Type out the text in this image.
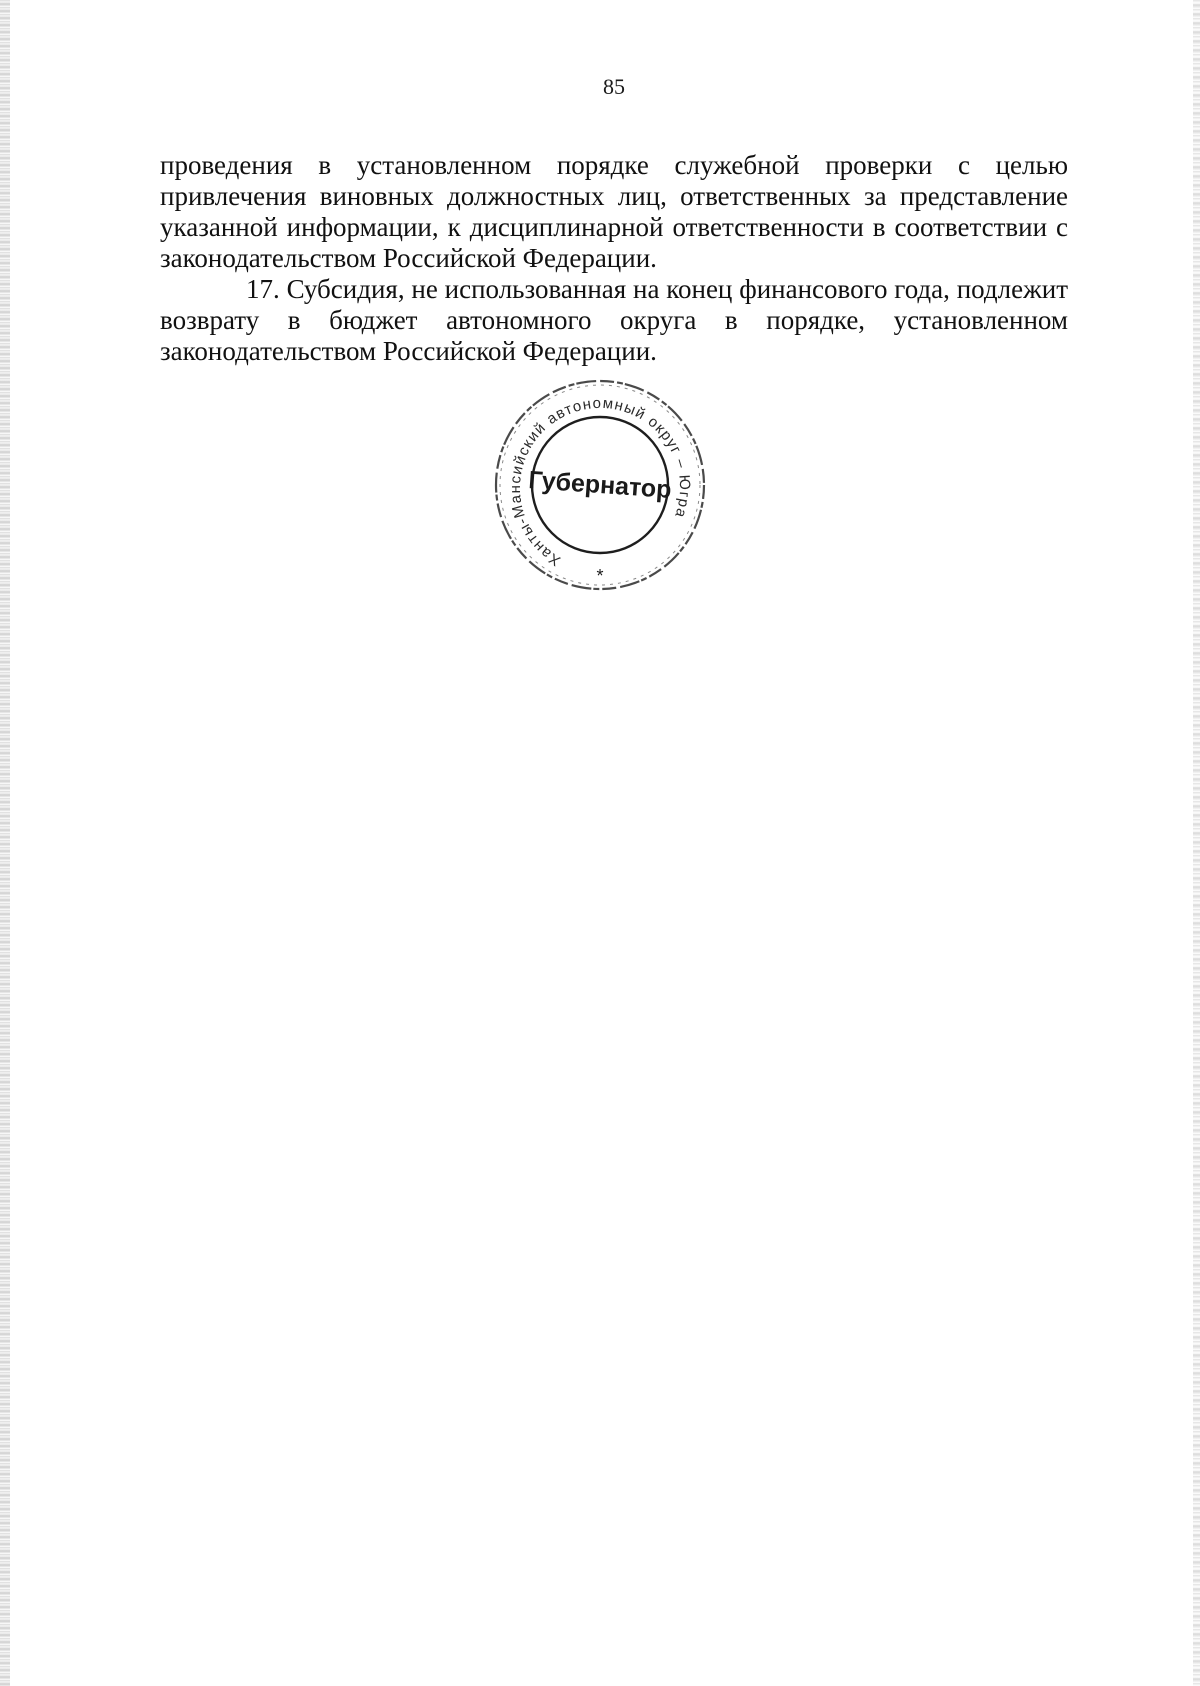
85

проведения в установленном порядке служебной проверки с целью привлечения виновных должностных лиц, ответственных за представление указанной информации, к дисциплинарной ответственности в соответствии с законодательством Российской Федерации.

17. Субсидия, не использованная на конец финансового года, подлежит возврату в бюджет автономного округа в порядке, установленном законодательством Российской Федерации.

Ханты-Мансийский автономный округ – Югра
Губернатор
*
